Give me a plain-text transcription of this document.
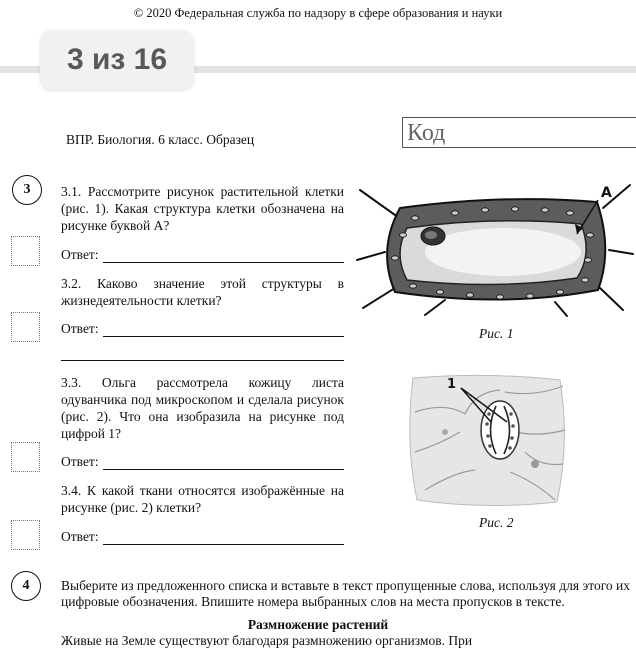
© 2020 Федеральная служба по надзору в сфере образования и науки
3 из 16
ВПР. Биология. 6 класс. Образец	Код
3	3.1. Рассмотрите рисунок растительной клетки (рис. 1). Какая структура клетки обозначена на рисунке буквой А?
Ответ:
3.2. Каково значение этой структуры в жизнедеятельности клетки?
Ответ:
3.3. Ольга рассмотрела кожицу листа одуванчика под микроскопом и сделала рисунок (рис. 2). Что она изобразила на рисунке под цифрой 1?
Ответ:
3.4. К какой ткани относятся изображённые на рисунке (рис. 2) клетки?
Ответ:
А
Рис. 1
1
Рис. 2
4	Выберите из предложенного списка и вставьте в текст пропущенные слова, используя для этого их цифровые обозначения. Впишите номера выбранных слов на места пропусков в тексте.
Размножение растений
Живые на Земле существуют благодаря размножению организмов. При
